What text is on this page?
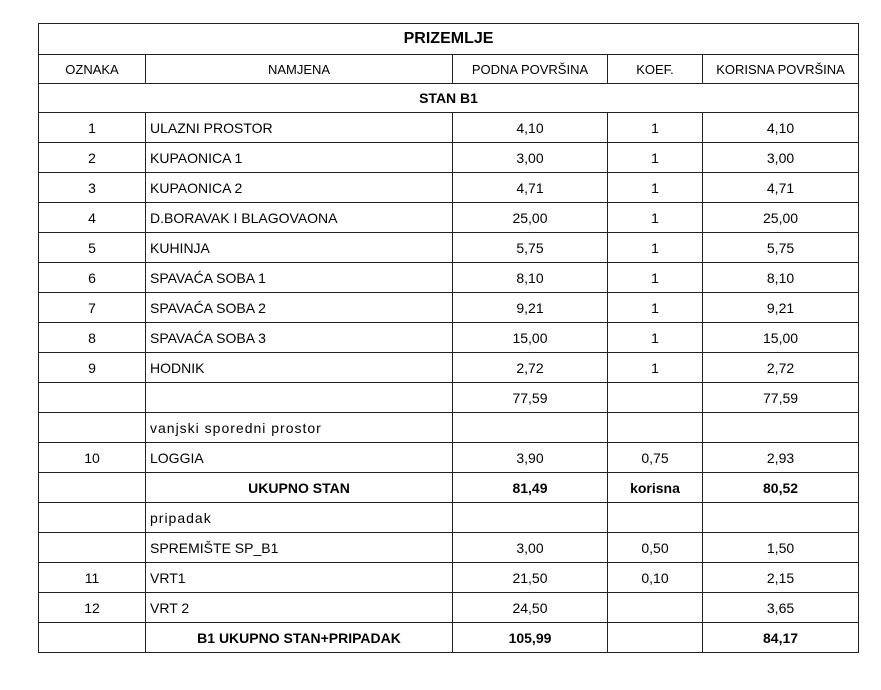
PRIZEMLJE				
OZNAKA	NAMJENA	PODNA POVRŠINA	KOEF.	KORISNA POVRŠINA
STAN B1				
1	ULAZNI PROSTOR	4,10	1	4,10
2	KUPAONICA 1	3,00	1	3,00
3	KUPAONICA 2	4,71	1	4,71
4	D.BORAVAK I BLAGOVAONA	25,00	1	25,00
5	KUHINJA	5,75	1	5,75
6	SPAVAĆA SOBA 1	8,10	1	8,10
7	SPAVAĆA SOBA 2	9,21	1	9,21
8	SPAVAĆA SOBA 3	15,00	1	15,00
9	HODNIK	2,72	1	2,72
		77,59		77,59
	vanjski sporedni prostor			
10	LOGGIA	3,90	0,75	2,93
	UKUPNO STAN	81,49	korisna	80,52
	pripadak			
	SPREMIŠTE SP_B1	3,00	0,50	1,50
11	VRT1	21,50	0,10	2,15
12	VRT 2	24,50		3,65
	B1 UKUPNO STAN+PRIPADAK	105,99		84,17
